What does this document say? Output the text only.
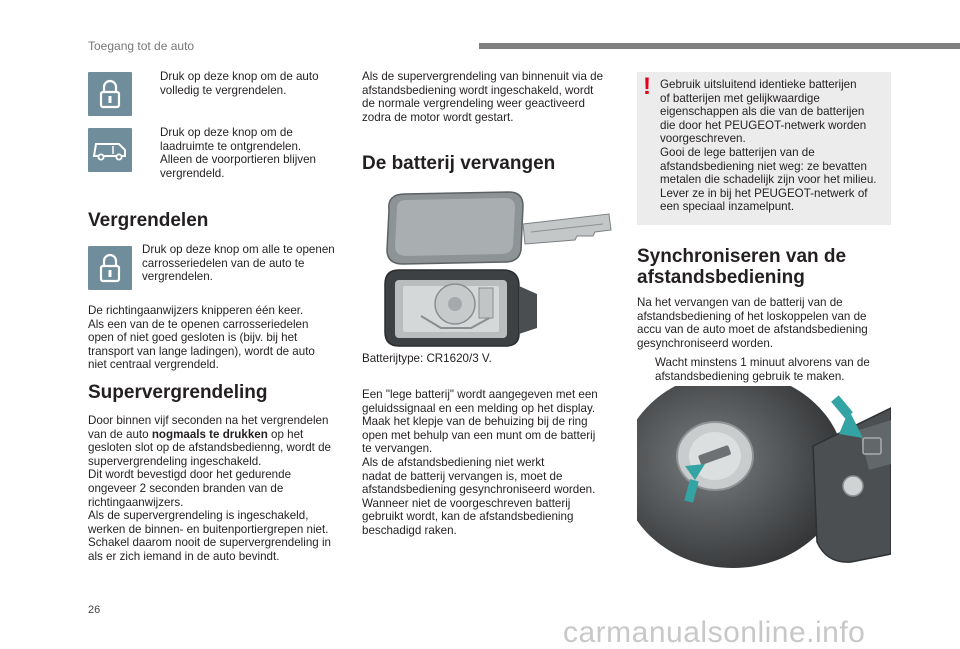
Toegang tot de auto
Druk op deze knop om de auto
volledig te vergrendelen.
Druk op deze knop om de
laadruimte te ontgrendelen.
Alleen de voorportieren blijven
vergrendeld.
Vergrendelen
Druk op deze knop om alle te openen
carrosseriedelen van de auto te
vergrendelen.
De richtingaanwijzers knipperen één keer.
Als een van de te openen carrosseriedelen
open of niet goed gesloten is (bijv. bij het
transport van lange ladingen), wordt de auto
niet centraal vergrendeld.
Supervergrendeling
Door binnen vijf seconden na het vergrendelen
van de auto nogmaals te drukken op het
gesloten slot op de afstandsbedienng, wordt de
supervergrendeling ingeschakeld.
Dit wordt bevestigd door het gedurende
ongeveer 2 seconden branden van de
richtingaanwijzers.
Als de supervergrendeling is ingeschakeld,
werken de binnen- en buitenportiergrepen niet.
Schakel daarom nooit de supervergrendeling in
als er zich iemand in de auto bevindt.
Als de supervergrendeling van binnenuit via de
afstandsbediening wordt ingeschakeld, wordt
de normale vergrendeling weer geactiveerd
zodra de motor wordt gestart.
De batterij vervangen
Batterijtype: CR1620/3 V.
Een "lege batterij" wordt aangegeven met een
geluidssignaal en een melding op het display.
Maak het klepje van de behuizing bij de ring
open met behulp van een munt om de batterij
te vervangen.
Als de afstandsbediening niet werkt
nadat de batterij vervangen is, moet de
afstandsbediening gesynchroniseerd worden.
Wanneer niet de voorgeschreven batterij
gebruikt wordt, kan de afstandsbediening
beschadigd raken.
! Gebruik uitsluitend identieke batterijen
of batterijen met gelijkwaardige
eigenschappen als die van de batterijen
die door het PEUGEOT-netwerk worden
voorgeschreven.
Gooi de lege batterijen van de
afstandsbediening niet weg: ze bevatten
metalen die schadelijk zijn voor het milieu.
Lever ze in bij het PEUGEOT-netwerk of
een speciaal inzamelpunt.
Synchroniseren van de
afstandsbediening
Na het vervangen van de batterij van de
afstandsbediening of het loskoppelen van de
accu van de auto moet de afstandsbediening
gesynchroniseerd worden.
Wacht minstens 1 minuut alvorens van de
afstandsbediening gebruik te maken.
26
carmanualsonline.info
